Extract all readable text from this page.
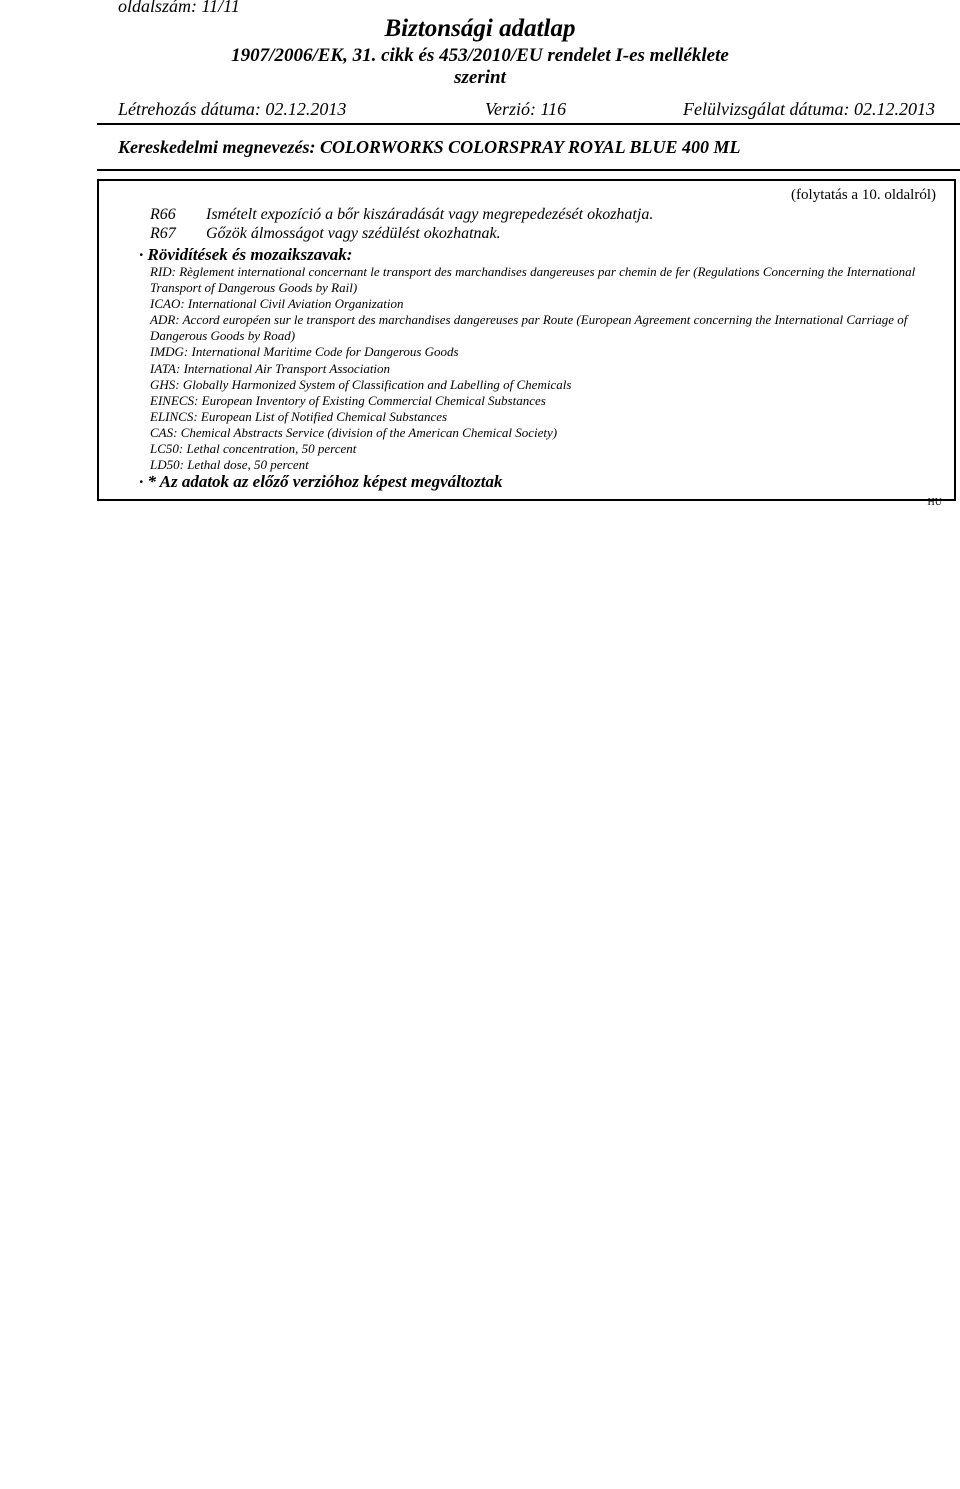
oldalszám: 11/11
Biztonsági adatlap
1907/2006/EK, 31. cikk és 453/2010/EU rendelet I-es melléklete
szerint
Létrehozás dátuma: 02.12.2013	Verzió: 116	Felülvizsgálat dátuma: 02.12.2013
Kereskedelmi megnevezés: COLORWORKS COLORSPRAY ROYAL BLUE 400 ML
(folytatás a 10. oldalról)
R66 Ismételt expozíció a bőr kiszáradását vagy megrepedezését okozhatja.
R67 Gőzök álmosságot vagy szédülést okozhatnak.
· Rövidítések és mozaikszavak:
RID: Règlement international concernant le transport des marchandises dangereuses par chemin de fer (Regulations Concerning the International Transport of Dangerous Goods by Rail)
ICAO: International Civil Aviation Organization
ADR: Accord européen sur le transport des marchandises dangereuses par Route (European Agreement concerning the International Carriage of Dangerous Goods by Road)
IMDG: International Maritime Code for Dangerous Goods
IATA: International Air Transport Association
GHS: Globally Harmonized System of Classification and Labelling of Chemicals
EINECS: European Inventory of Existing Commercial Chemical Substances
ELINCS: European List of Notified Chemical Substances
CAS: Chemical Abstracts Service (division of the American Chemical Society)
LC50: Lethal concentration, 50 percent
LD50: Lethal dose, 50 percent
· * Az adatok az előző verzióhoz képest megváltoztak
HU
